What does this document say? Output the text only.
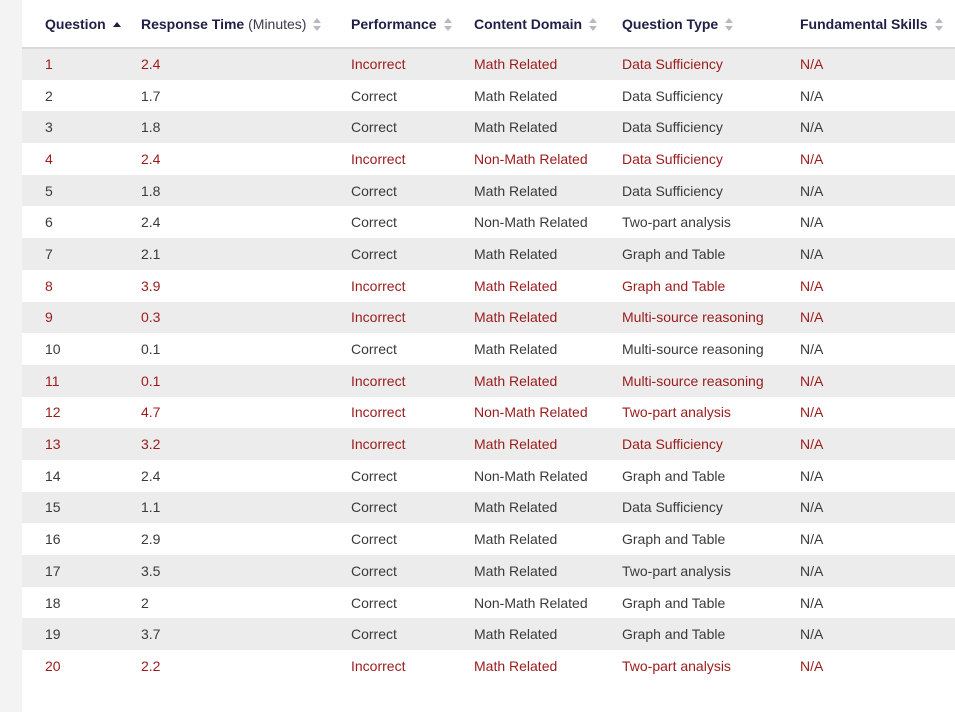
Question	Response Time (Minutes)	Performance	Content Domain	Question Type	Fundamental Skills

1	2.4	Incorrect	Math Related	Data Sufficiency	N/A
2	1.7	Correct	Math Related	Data Sufficiency	N/A
3	1.8	Correct	Math Related	Data Sufficiency	N/A
4	2.4	Incorrect	Non-Math Related	Data Sufficiency	N/A
5	1.8	Correct	Math Related	Data Sufficiency	N/A
6	2.4	Correct	Non-Math Related	Two-part analysis	N/A
7	2.1	Correct	Math Related	Graph and Table	N/A
8	3.9	Incorrect	Math Related	Graph and Table	N/A
9	0.3	Incorrect	Math Related	Multi-source reasoning	N/A
10	0.1	Correct	Math Related	Multi-source reasoning	N/A
11	0.1	Incorrect	Math Related	Multi-source reasoning	N/A
12	4.7	Incorrect	Non-Math Related	Two-part analysis	N/A
13	3.2	Incorrect	Math Related	Data Sufficiency	N/A
14	2.4	Correct	Non-Math Related	Graph and Table	N/A
15	1.1	Correct	Math Related	Data Sufficiency	N/A
16	2.9	Correct	Math Related	Graph and Table	N/A
17	3.5	Correct	Math Related	Two-part analysis	N/A
18	2	Correct	Non-Math Related	Graph and Table	N/A
19	3.7	Correct	Math Related	Graph and Table	N/A
20	2.2	Incorrect	Math Related	Two-part analysis	N/A
